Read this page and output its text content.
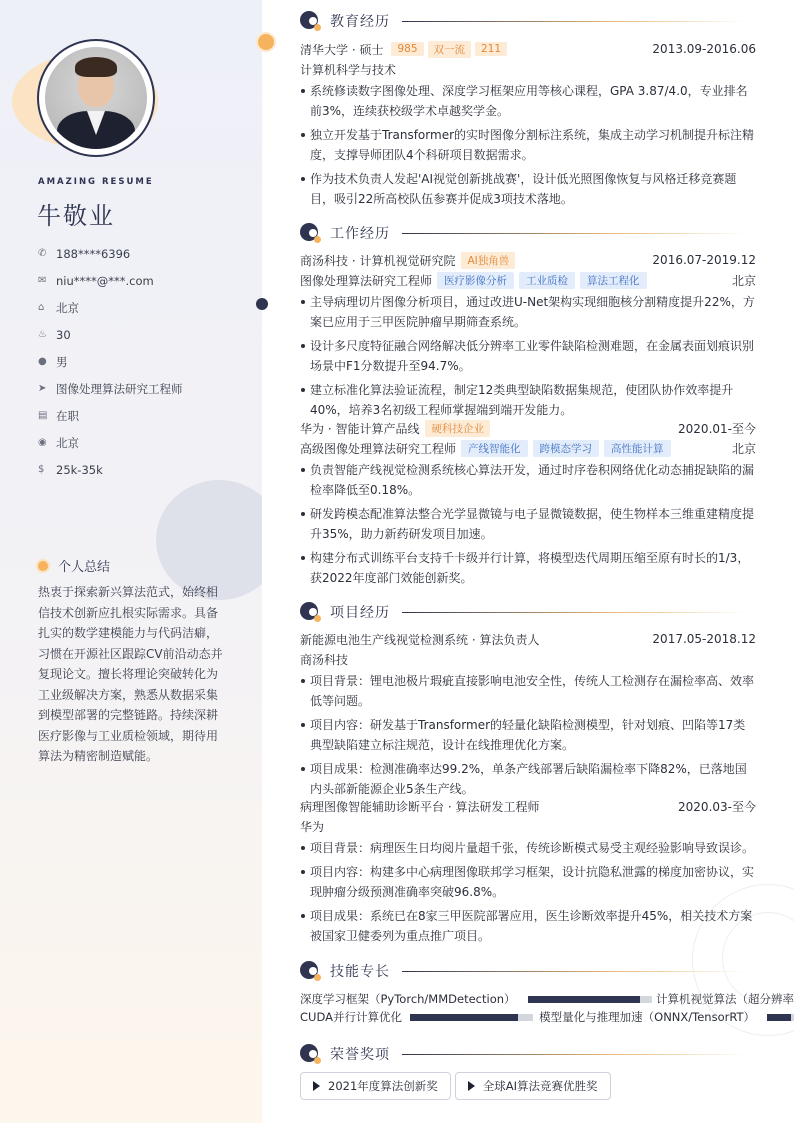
AMAZING RESUME
牛敬业
✆ 188****6396
✉ niu****@***.com
⌂	北京
♨ 30
● 男
➤ 图像处理算法研究工程师
▤ 在职
◉ 北京
$	25k-35k
个人总结
热衷于探索新兴算法范式，始终相信技术创新应扎根实际需求。具备扎实的数学建模能力与代码洁癖，习惯在开源社区跟踪CV前沿动态并复现论文。擅长将理论突破转化为工业级解决方案，熟悉从数据采集到模型部署的完整链路。持续深耕医疗影像与工业质检领域，期待用算法为精密制造赋能。
教育经历
清华大学 · 硕士	985	双一流	211	2013.09-2016.06
计算机科学与技术
系统修读数字图像处理、深度学习框架应用等核心课程，GPA 3.87/4.0，专业排名前3%，连续获校级学术卓越奖学金。
独立开发基于Transformer的实时图像分割标注系统，集成主动学习机制提升标注精度，支撑导师团队4个科研项目数据需求。
作为技术负责人发起'AI视觉创新挑战赛'，设计低光照图像恢复与风格迁移竞赛题目，吸引22所高校队伍参赛并促成3项技术落地。
工作经历
商汤科技 · 计算机视觉研究院	AI独角兽	2016.07-2019.12
图像处理算法研究工程师	医疗影像分析	工业质检	算法工程化	北京
主导病理切片图像分析项目，通过改进U-Net架构实现细胞核分割精度提升22%，方案已应用于三甲医院肿瘤早期筛查系统。
设计多尺度特征融合网络解决低分辨率工业零件缺陷检测难题，在金属表面划痕识别场景中F1分数提升至94.7%。
建立标准化算法验证流程，制定12类典型缺陷数据集规范，使团队协作效率提升40%，培养3名初级工程师掌握端到端开发能力。
华为 · 智能计算产品线	硬科技企业	2020.01-至今
高级图像处理算法研究工程师	产线智能化	跨模态学习	高性能计算	北京
负责智能产线视觉检测系统核心算法开发，通过时序卷积网络优化动态捕捉缺陷的漏检率降低至0.18%。
研发跨模态配准算法整合光学显微镜与电子显微镜数据，使生物样本三维重建精度提升35%，助力新药研发项目加速。
构建分布式训练平台支持千卡级并行计算，将模型迭代周期压缩至原有时长的1/3，获2022年度部门效能创新奖。
项目经历
新能源电池生产线视觉检测系统 · 算法负责人	2017.05-2018.12
商汤科技
项目背景：锂电池极片瑕疵直接影响电池安全性，传统人工检测存在漏检率高、效率低等问题。
项目内容：研发基于Transformer的轻量化缺陷检测模型，针对划痕、凹陷等17类典型缺陷建立标注规范，设计在线推理优化方案。
项目成果：检测准确率达99.2%，单条产线部署后缺陷漏检率下降82%，已落地国内头部新能源企业5条生产线。
病理图像智能辅助诊断平台 · 算法研发工程师	2020.03-至今
华为
项目背景：病理医生日均阅片量超千张，传统诊断模式易受主观经验影响导致误诊。
项目内容：构建多中心病理图像联邦学习框架，设计抗隐私泄露的梯度加密协议，实现肿瘤分级预测准确率突破96.8%。
项目成果：系统已在8家三甲医院部署应用，医生诊断效率提升45%，相关技术方案被国家卫健委列为重点推广项目。
技能专长
深度学习框架（PyTorch/MMDetection）	计算机视觉算法（超分辨率
CUDA并行计算优化	模型量化与推理加速（ONNX/TensorRT）
荣誉奖项
2021年度算法创新奖	全球AI算法竞赛优胜奖
